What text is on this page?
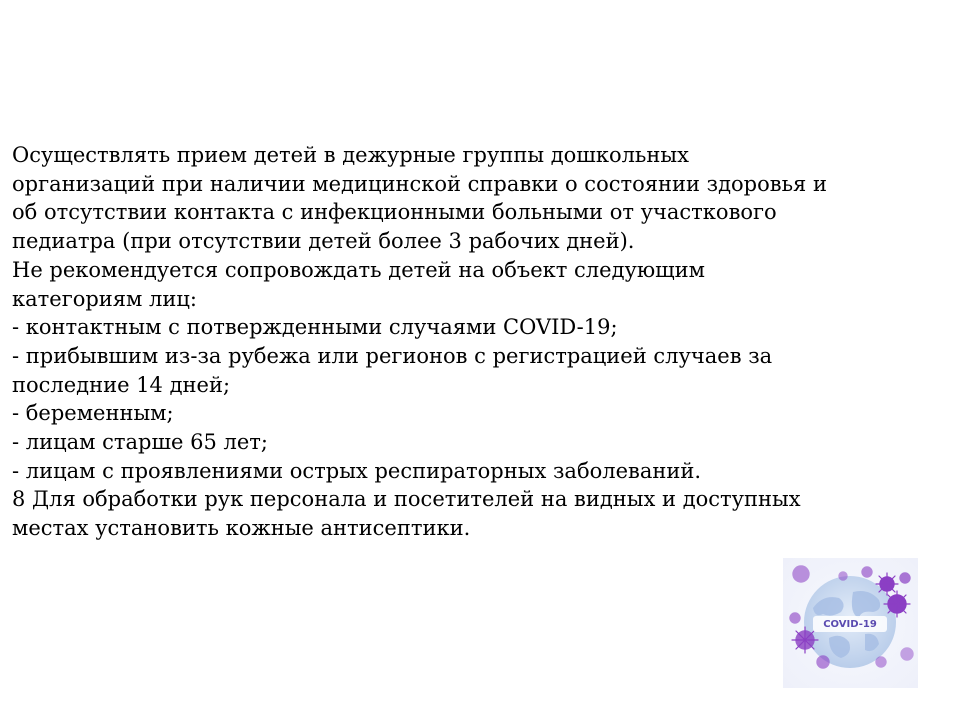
Осуществлять прием детей в дежурные группы дошкольных
организаций при наличии медицинской справки о состоянии здоровья и
об отсутствии контакта с инфекционными больными от участкового
педиатра (при отсутствии детей более 3 рабочих дней).
Не рекомендуется сопровождать детей на объект следующим
категориям лиц:
- контактным с потвержденными случаями COVID-19;
- прибывшим из-за рубежа или регионов с регистрацией случаев за
последние 14 дней;
- беременным;
- лицам старше 65 лет;
- лицам с проявлениями острых респираторных заболеваний.
8 Для обработки рук персонала и посетителей на видных и доступных
местах установить кожные антисептики.
COVID-19
